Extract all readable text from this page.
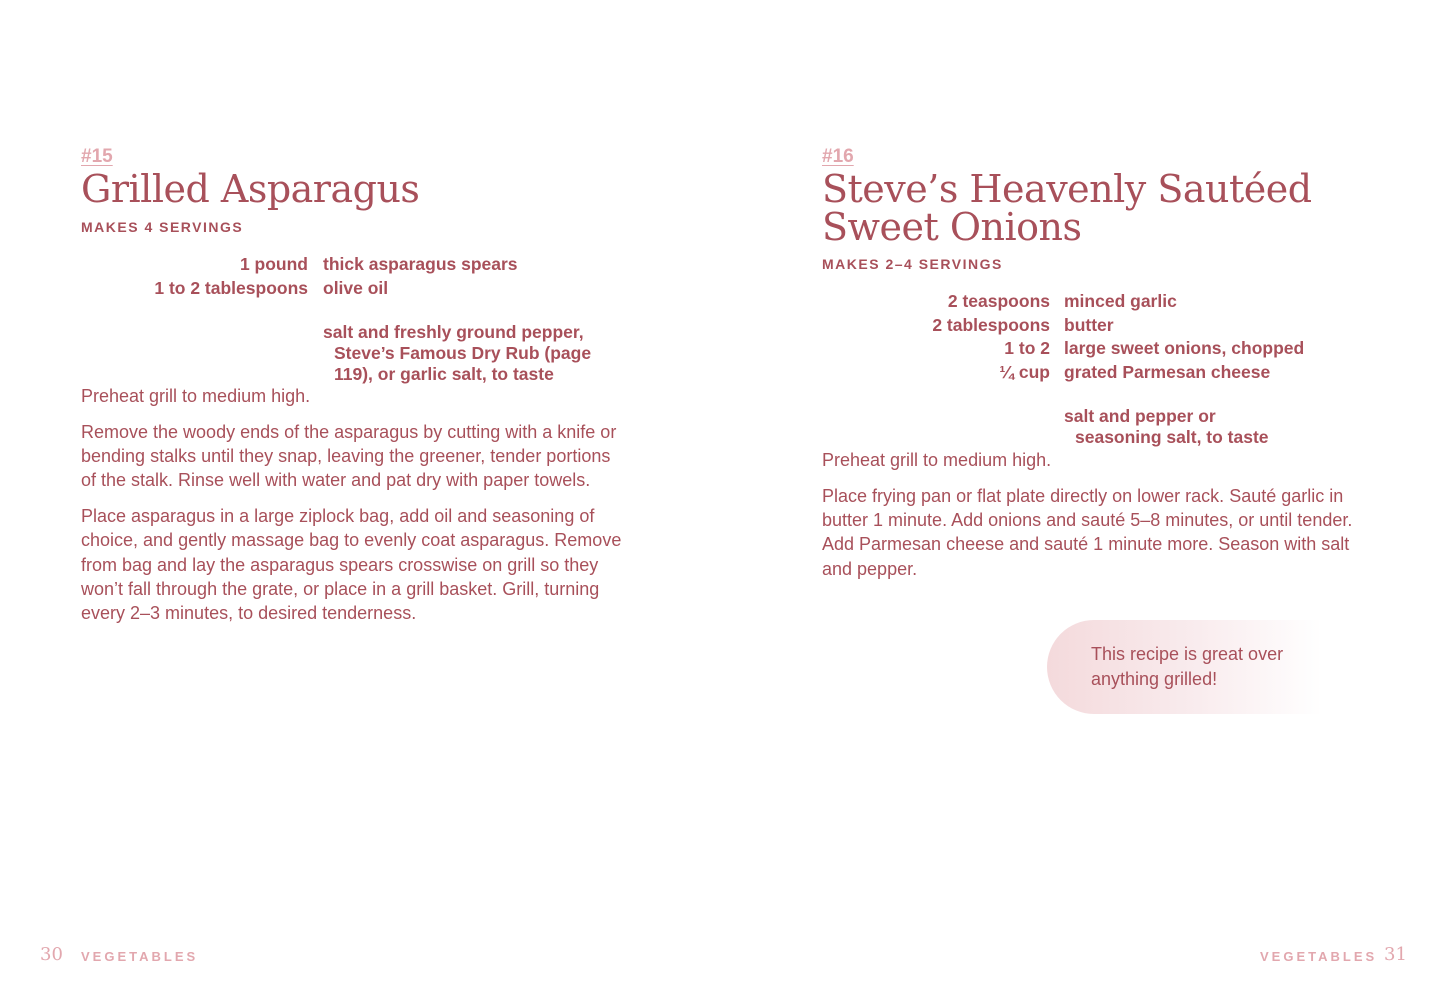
#15
Grilled Asparagus
MAKES 4 SERVINGS
1 pound thick asparagus spears
1 to 2 tablespoons olive oil

salt and freshly ground pepper,

Steve’s Famous Dry Rub (page
119), or garlic salt, to taste

Preheat grill to medium high.

Remove the woody ends of the asparagus by cutting with a knife or bending stalks until they snap, leaving the greener, tender portions of the stalk. Rinse well with water and pat dry with paper towels.

Place asparagus in a large ziplock bag, add oil and seasoning of choice, and gently massage bag to evenly coat asparagus. Remove from bag and lay the asparagus spears crosswise on grill so they won’t fall through the grate, or place in a grill basket. Grill, turning every 2–3 minutes, to desired tenderness.

30 VEGETABLES
#16
Steve’s Heavenly Sautéed
Sweet Onions
MAKES 2–4 SERVINGS
2 teaspoons minced garlic
2 tablespoons butter
1 to 2 large sweet onions, chopped
¼ cup grated Parmesan cheese

salt and pepper or

seasoning salt, to taste

Preheat grill to medium high.

Place frying pan or flat plate directly on lower rack. Sauté garlic in butter 1 minute. Add onions and sauté 5–8 minutes, or until tender. Add Parmesan cheese and sauté 1 minute more. Season with salt and pepper.

This recipe is great over anything grilled!
VEGETABLES 31
